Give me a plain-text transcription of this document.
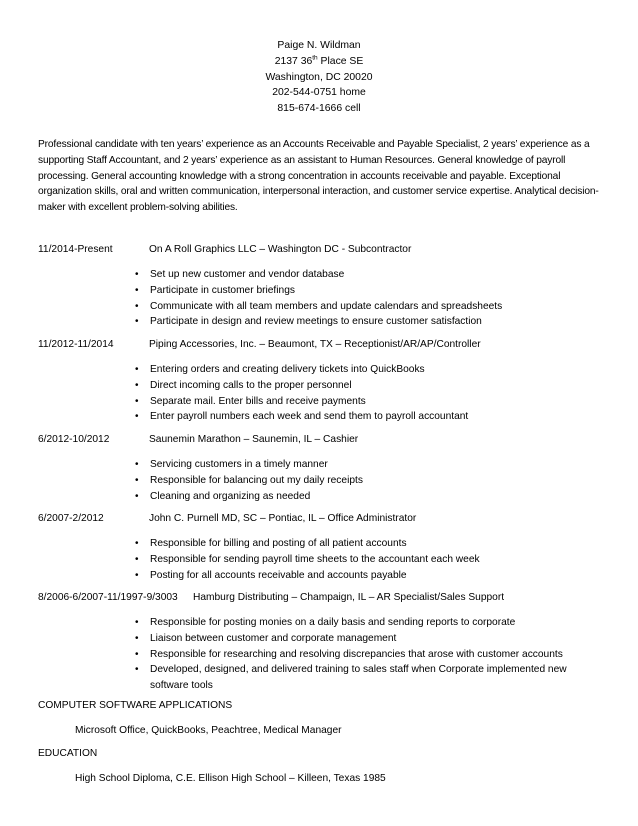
Paige N. Wildman
2137 36th Place SE
Washington, DC 20020
202-544-0751 home
815-674-1666 cell
Professional candidate with ten years’ experience as an Accounts Receivable and Payable Specialist, 2 years’ experience as a supporting Staff Accountant, and 2 years’ experience as an assistant to Human Resources. General knowledge of payroll processing. General accounting knowledge with a strong concentration in accounts receivable and payable. Exceptional organization skills, oral and written communication, interpersonal interaction, and customer service expertise. Analytical decision-maker with excellent problem-solving abilities.
11/2014-Present	On A Roll Graphics LLC – Washington DC - Subcontractor
• Set up new customer and vendor database
• Participate in customer briefings
• Communicate with all team members and update calendars and spreadsheets
• Participate in design and review meetings to ensure customer satisfaction
11/2012-11/2014	Piping Accessories, Inc. – Beaumont, TX – Receptionist/AR/AP/Controller
• Entering orders and creating delivery tickets into QuickBooks
• Direct incoming calls to the proper personnel
• Separate mail. Enter bills and receive payments
• Enter payroll numbers each week and send them to payroll accountant
6/2012-10/2012	Saunemin Marathon – Saunemin, IL – Cashier
• Servicing customers in a timely manner
• Responsible for balancing out my daily receipts
• Cleaning and organizing as needed
6/2007-2/2012	John C. Purnell MD, SC – Pontiac, IL – Office Administrator
• Responsible for billing and posting of all patient accounts
• Responsible for sending payroll time sheets to the accountant each week
• Posting for all accounts receivable and accounts payable
8/2006-6/2007-11/1997-9/3003 Hamburg Distributing – Champaign, IL – AR Specialist/Sales Support
• Responsible for posting monies on a daily basis and sending reports to corporate
• Liaison between customer and corporate management
• Responsible for researching and resolving discrepancies that arose with customer accounts
• Developed, designed, and delivered training to sales staff when Corporate implemented new software tools
COMPUTER SOFTWARE APPLICATIONS
Microsoft Office, QuickBooks, Peachtree, Medical Manager
EDUCATION
High School Diploma, C.E. Ellison High School – Killeen, Texas 1985
